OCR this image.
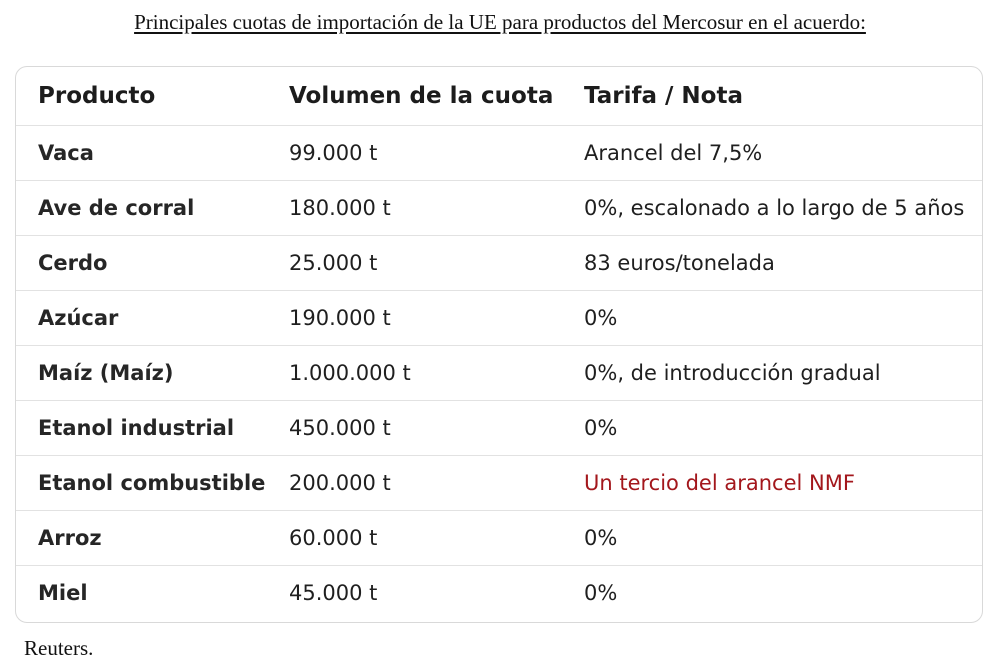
Principales cuotas de importación de la UE para productos del Mercosur en el acuerdo:
Producto	Volumen de la cuota	Tarifa / Nota
Vaca	99.000 t	Arancel del 7,5%
Ave de corral	180.000 t	0%, escalonado a lo largo de 5 años
Cerdo	25.000 t	83 euros/tonelada
Azúcar	190.000 t	0%
Maíz (Maíz)	1.000.000 t	0%, de introducción gradual
Etanol industrial	450.000 t	0%
Etanol combustible	200.000 t	Un tercio del arancel NMF
Arroz	60.000 t	0%
Miel	45.000 t	0%
Reuters.
